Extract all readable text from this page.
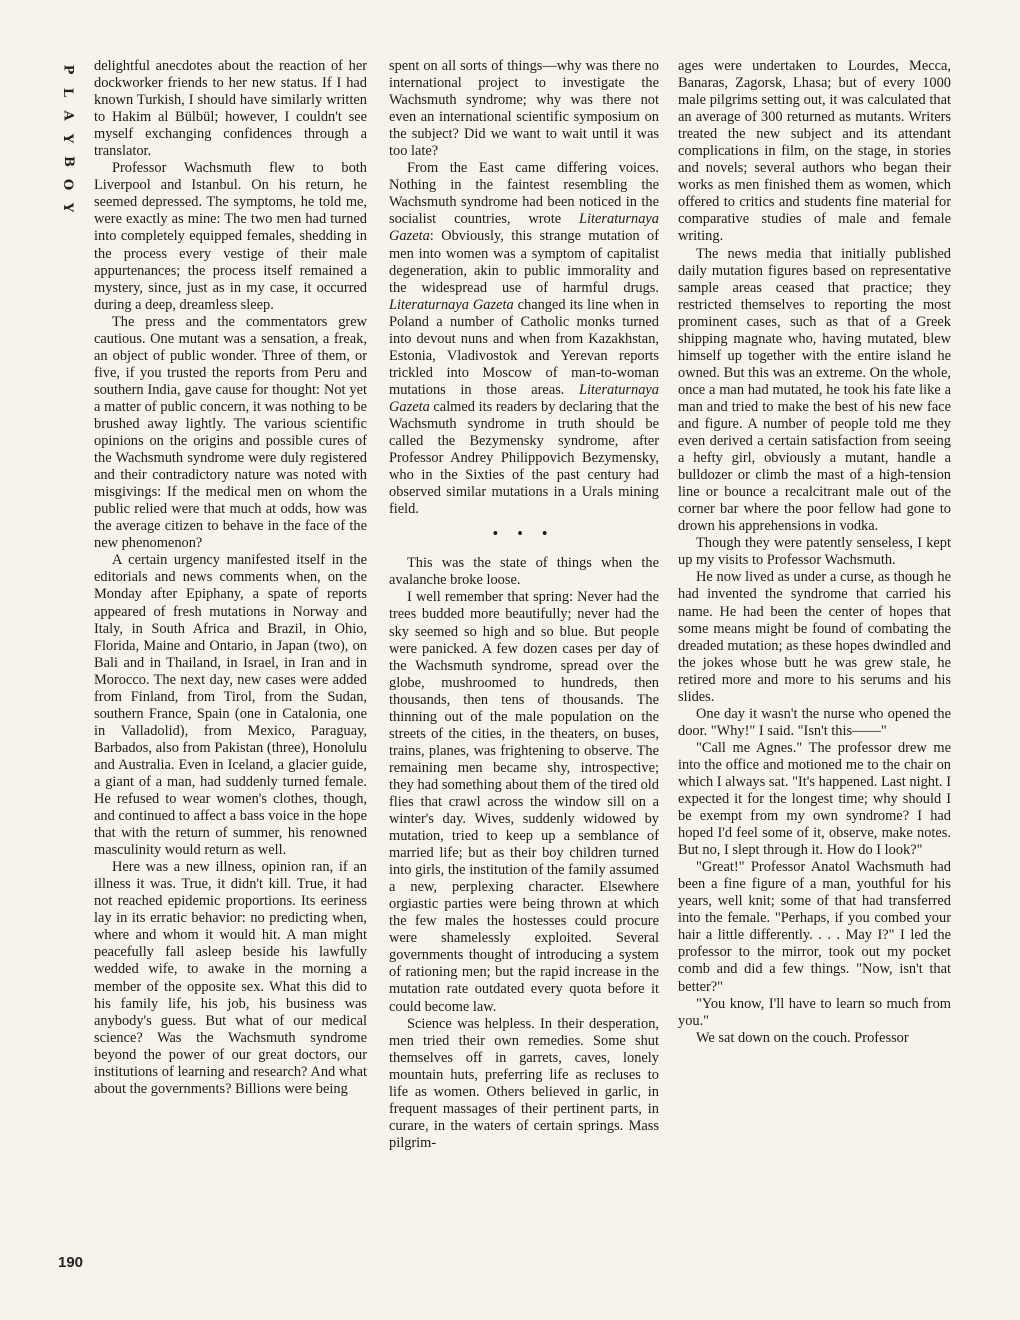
P
L
A
Y
B
O
Y

delightful anecdotes about the reaction of her dockworker friends to her new status. If I had known Turkish, I should have similarly written to Hakim al Bülbül; however, I couldn't see myself exchanging confidences through a translator.

Professor Wachsmuth flew to both Liverpool and Istanbul. On his return, he seemed depressed. The symptoms, he told me, were exactly as mine: The two men had turned into completely equipped females, shedding in the process every vestige of their male appurtenances; the process itself remained a mystery, since, just as in my case, it occurred during a deep, dreamless sleep.

The press and the commentators grew cautious. One mutant was a sensation, a freak, an object of public wonder. Three of them, or five, if you trusted the reports from Peru and southern India, gave cause for thought: Not yet a matter of public concern, it was nothing to be brushed away lightly. The various scientific opinions on the origins and possible cures of the Wachsmuth syndrome were duly registered and their contradictory nature was noted with misgivings: If the medical men on whom the public relied were that much at odds, how was the average citizen to behave in the face of the new phenomenon?

A certain urgency manifested itself in the editorials and news comments when, on the Monday after Epiphany, a spate of reports appeared of fresh mutations in Norway and Italy, in South Africa and Brazil, in Ohio, Florida, Maine and Ontario, in Japan (two), on Bali and in Thailand, in Israel, in Iran and in Morocco. The next day, new cases were added from Finland, from Tirol, from the Sudan, southern France, Spain (one in Catalonia, one in Valladolid), from Mexico, Paraguay, Barbados, also from Pakistan (three), Honolulu and Australia. Even in Iceland, a glacier guide, a giant of a man, had suddenly turned female. He refused to wear women's clothes, though, and continued to affect a bass voice in the hope that with the return of summer, his renowned masculinity would return as well.

Here was a new illness, opinion ran, if an illness it was. True, it didn't kill. True, it had not reached epidemic proportions. Its eeriness lay in its erratic behavior: no predicting when, where and whom it would hit. A man might peacefully fall asleep beside his lawfully wedded wife, to awake in the morning a member of the opposite sex. What this did to his family life, his job, his business was anybody's guess. But what of our medical science? Was the Wachsmuth syndrome beyond the power of our great doctors, our institutions of learning and research? And what about the governments? Billions were being

spent on all sorts of things—why was there no international project to investigate the Wachsmuth syndrome; why was there not even an international scientific symposium on the subject? Did we want to wait until it was too late?

From the East came differing voices. Nothing in the faintest resembling the Wachsmuth syndrome had been noticed in the socialist countries, wrote Literaturnaya Gazeta: Obviously, this strange mutation of men into women was a symptom of capitalist degeneration, akin to public immorality and the widespread use of harmful drugs. Literaturnaya Gazeta changed its line when in Poland a number of Catholic monks turned into devout nuns and when from Kazakhstan, Estonia, Vladivostok and Yerevan reports trickled into Moscow of man-to-woman mutations in those areas. Literaturnaya Gazeta calmed its readers by declaring that the Wachsmuth syndrome in truth should be called the Bezymensky syndrome, after Professor Andrey Philippovich Bezymensky, who in the Sixties of the past century had observed similar mutations in a Urals mining field.

• • •

This was the state of things when the avalanche broke loose.

I well remember that spring: Never had the trees budded more beautifully; never had the sky seemed so high and so blue. But people were panicked. A few dozen cases per day of the Wachsmuth syndrome, spread over the globe, mushroomed to hundreds, then thousands, then tens of thousands. The thinning out of the male population on the streets of the cities, in the theaters, on buses, trains, planes, was frightening to observe. The remaining men became shy, introspective; they had something about them of the tired old flies that crawl across the window sill on a winter's day. Wives, suddenly widowed by mutation, tried to keep up a semblance of married life; but as their boy children turned into girls, the institution of the family assumed a new, perplexing character. Elsewhere orgiastic parties were being thrown at which the few males the hostesses could procure were shamelessly exploited. Several governments thought of introducing a system of rationing men; but the rapid increase in the mutation rate outdated every quota before it could become law.

Science was helpless. In their desperation, men tried their own remedies. Some shut themselves off in garrets, caves, lonely mountain huts, preferring life as recluses to life as women. Others believed in garlic, in frequent massages of their pertinent parts, in curare, in the waters of certain springs. Mass pilgrim-

ages were undertaken to Lourdes, Mecca, Banaras, Zagorsk, Lhasa; but of every 1000 male pilgrims setting out, it was calculated that an average of 300 returned as mutants. Writers treated the new subject and its attendant complications in film, on the stage, in stories and novels; several authors who began their works as men finished them as women, which offered to critics and students fine material for comparative studies of male and female writing.

The news media that initially published daily mutation figures based on representative sample areas ceased that practice; they restricted themselves to reporting the most prominent cases, such as that of a Greek shipping magnate who, having mutated, blew himself up together with the entire island he owned. But this was an extreme. On the whole, once a man had mutated, he took his fate like a man and tried to make the best of his new face and figure. A number of people told me they even derived a certain satisfaction from seeing a hefty girl, obviously a mutant, handle a bulldozer or climb the mast of a high-tension line or bounce a recalcitrant male out of the corner bar where the poor fellow had gone to drown his apprehensions in vodka.

Though they were patently senseless, I kept up my visits to Professor Wachsmuth.

He now lived as under a curse, as though he had invented the syndrome that carried his name. He had been the center of hopes that some means might be found of combating the dreaded mutation; as these hopes dwindled and the jokes whose butt he was grew stale, he retired more and more to his serums and his slides.

One day it wasn't the nurse who opened the door. "Why!" I said. "Isn't this——"

"Call me Agnes." The professor drew me into the office and motioned me to the chair on which I always sat. "It's happened. Last night. I expected it for the longest time; why should I be exempt from my own syndrome? I had hoped I'd feel some of it, observe, make notes. But no, I slept through it. How do I look?"

"Great!" Professor Anatol Wachsmuth had been a fine figure of a man, youthful for his years, well knit; some of that had transferred into the female. "Perhaps, if you combed your hair a little differently. . . . May I?" I led the professor to the mirror, took out my pocket comb and did a few things. "Now, isn't that better?"

"You know, I'll have to learn so much from you."

We sat down on the couch. Professor

190
